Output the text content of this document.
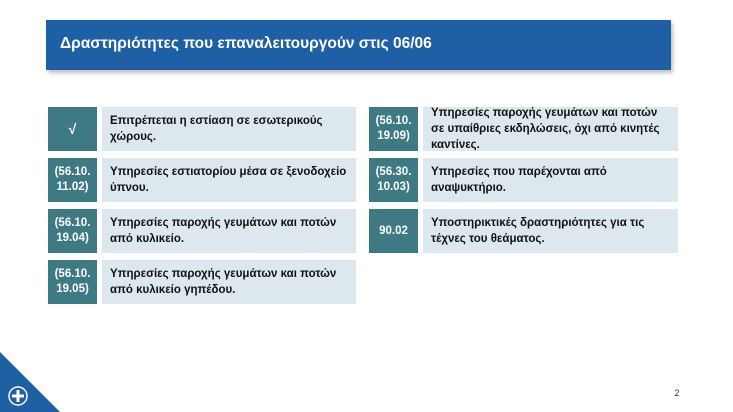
Δραστηριότητες που επαναλειτουργούν στις 06/06
√	Επιτρέπεται η εστίαση σε εσωτερικούς χώρους.
(56.10.
11.02)
Υπηρεσίες εστιατορίου μέσα σε ξενοδοχείο ύπνου.
(56.10.
19.04)
Υπηρεσίες παροχής γευμάτων και ποτών από κυλικείο.
(56.10.
19.05)
Υπηρεσίες παροχής γευμάτων και ποτών από κυλικείο γηπέδου.
(56.10.
19.09)
Υπηρεσίες παροχής γευμάτων και ποτών σε υπαίθριες εκδηλώσεις, όχι από κινητές καντίνες.
(56.30.
10.03)
Υπηρεσίες που παρέχονται από αναψυκτήριο.
90.02
Υποστηρικτικές δραστηριότητες για τις τέχνες του θεάματος.
2
